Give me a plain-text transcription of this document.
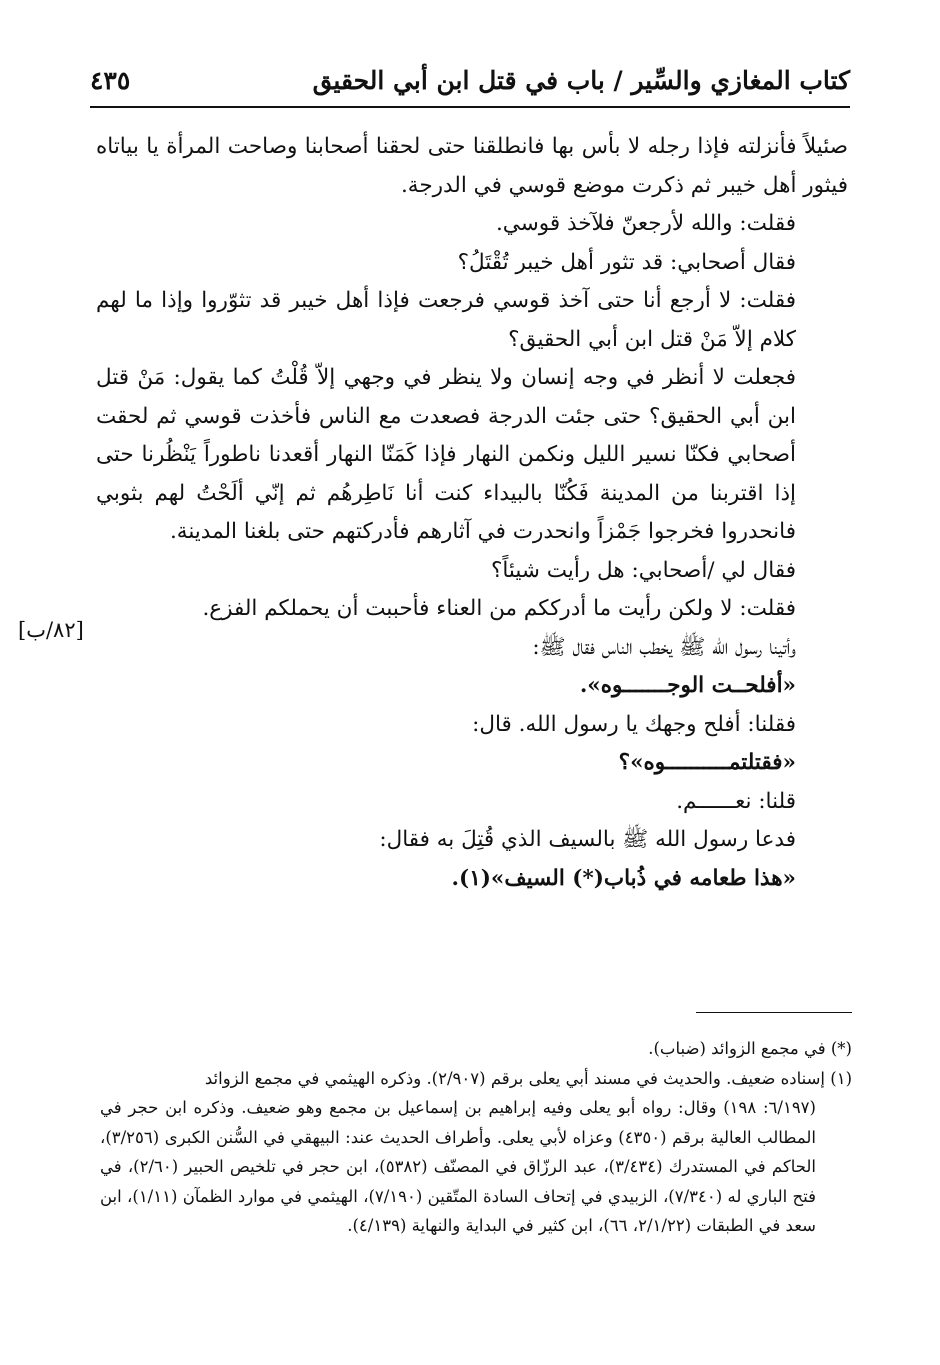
كتاب المغازي والسِّير / باب في قتل ابن أبي الحقيق
٤٣٥

صئيلاً فأنزلته فإذا رجله لا بأس بها فانطلقنا حتى لحقنا أصحابنا وصاحت المرأة يا بياتاه فيثور أهل خيبر ثم ذكرت موضع قوسي في الدرجة.

فقلت: والله لأرجعنّ فلآخذ قوسي.

فقال أصحابي: قد تثور أهل خيبر تُقْتَلُ؟

فقلت: لا أرجع أنا حتى آخذ قوسي فرجعت فإذا أهل خيبر قد تثوّروا وإذا ما لهم كلام إلاّ مَنْ قتل ابن أبي الحقيق؟

فجعلت لا أنظر في وجه إنسان ولا ينظر في وجهي إلاّ قُلْتُ كما يقول: مَنْ قتل ابن أبي الحقيق؟ حتى جئت الدرجة فصعدت مع الناس فأخذت قوسي ثم لحقت أصحابي فكنّا نسير الليل ونكمن النهار فإذا كَمَنّا النهار أقعدنا ناطوراً يَنْظُرنا حتى إذا اقتربنا من المدينة فَكُنّا بالبيداء كنت أنا نَاطِرهُم ثم إنّي ألَحْتُ لهم بثوبي فانحدروا فخرجوا جَمْزاً وانحدرت في آثارهم فأدركتهم حتى بلغنا المدينة.

فقال لي /أصحابي: هل رأيت شيئاً؟

فقلت: لا ولكن رأيت ما أدرككم من العناء فأحببت أن يحملكم الفزع.

وأتينا رسول الله ﷺ يخطب الناس فقال ﷺ:

«أفلحــت الوجـــــــوه».

فقلنا: أفلح وجهك يا رسول الله. قال:

«فقتلتمــــــــــوه»؟

قلنا: نعــــــم.

فدعا رسول الله ﷺ بالسيف الذي قُتِلَ به فقال:

«هذا طعامه في ذُباب(*) السيف»(١).

[٨٢/ب]

(*) في مجمع الزوائد (ضباب).

(١) إسناده ضعيف. والحديث في مسند أبي يعلى برقم (٢/٩٠٧). وذكره الهيثمي في مجمع الزوائد

(٦/١٩٧: ١٩٨) وقال: رواه أبو يعلى وفيه إبراهيم بن إسماعيل بن مجمع وهو ضعيف. وذكره ابن حجر في المطالب العالية برقم (٤٣٥٠) وعزاه لأبي يعلى. وأطراف الحديث عند: البيهقي في السُّنن الكبرى (٣/٢٥٦)، الحاكم في المستدرك (٣/٤٣٤)، عبد الرزّاق في المصنّف (٥٣٨٢)، ابن حجر في تلخيص الحبير (٢/٦٠)، في فتح الباري له (٧/٣٤٠)، الزبيدي في إتحاف السادة المتّقين (٧/١٩٠)، الهيثمي في موارد الظمآن (١/١١)، ابن سعد في الطبقات (٢/١/٢٢، ٦٦)، ابن كثير في البداية والنهاية (٤/١٣٩).
